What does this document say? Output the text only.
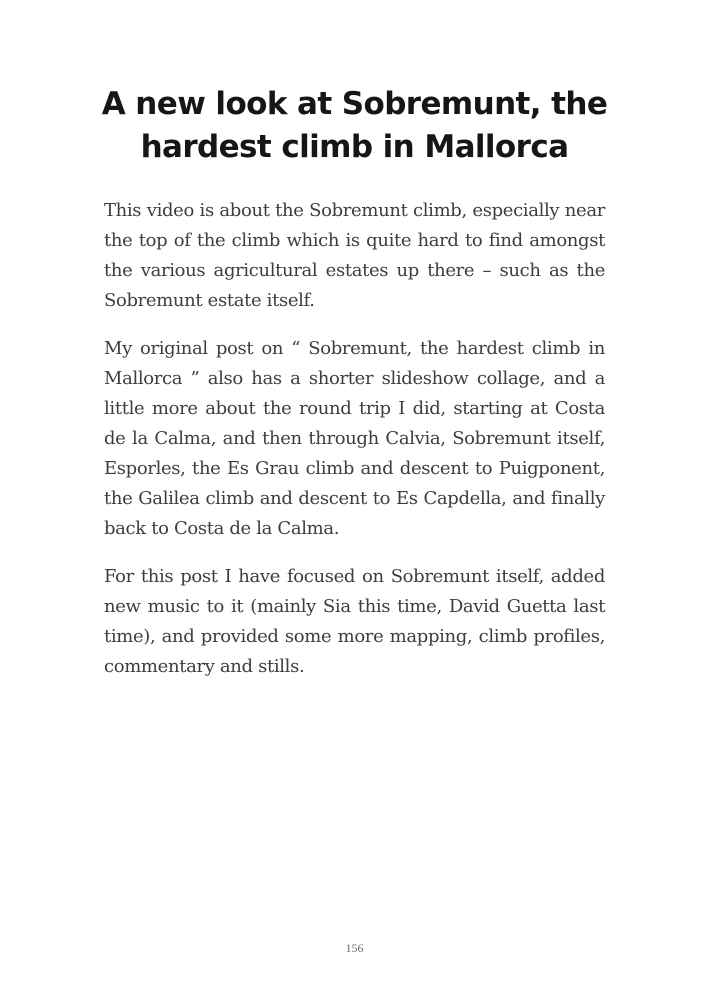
A new look at Sobremunt, the hardest climb in Mallorca

This video is about the Sobremunt climb, especially near the top of the climb which is quite hard to find amongst the various agricultural estates up there – such as the Sobremunt estate itself.

My original post on “ Sobremunt, the hardest climb in Mallorca ” also has a shorter slideshow collage, and a little more about the round trip I did, starting at Costa de la Calma, and then through Calvia, Sobremunt itself, Esporles, the Es Grau climb and descent to Puigponent, the Galilea climb and descent to Es Capdella, and finally back to Costa de la Calma.

For this post I have focused on Sobremunt itself, added new music to it (mainly Sia this time, David Guetta last time), and provided some more mapping, climb profiles, commentary and stills.

156
